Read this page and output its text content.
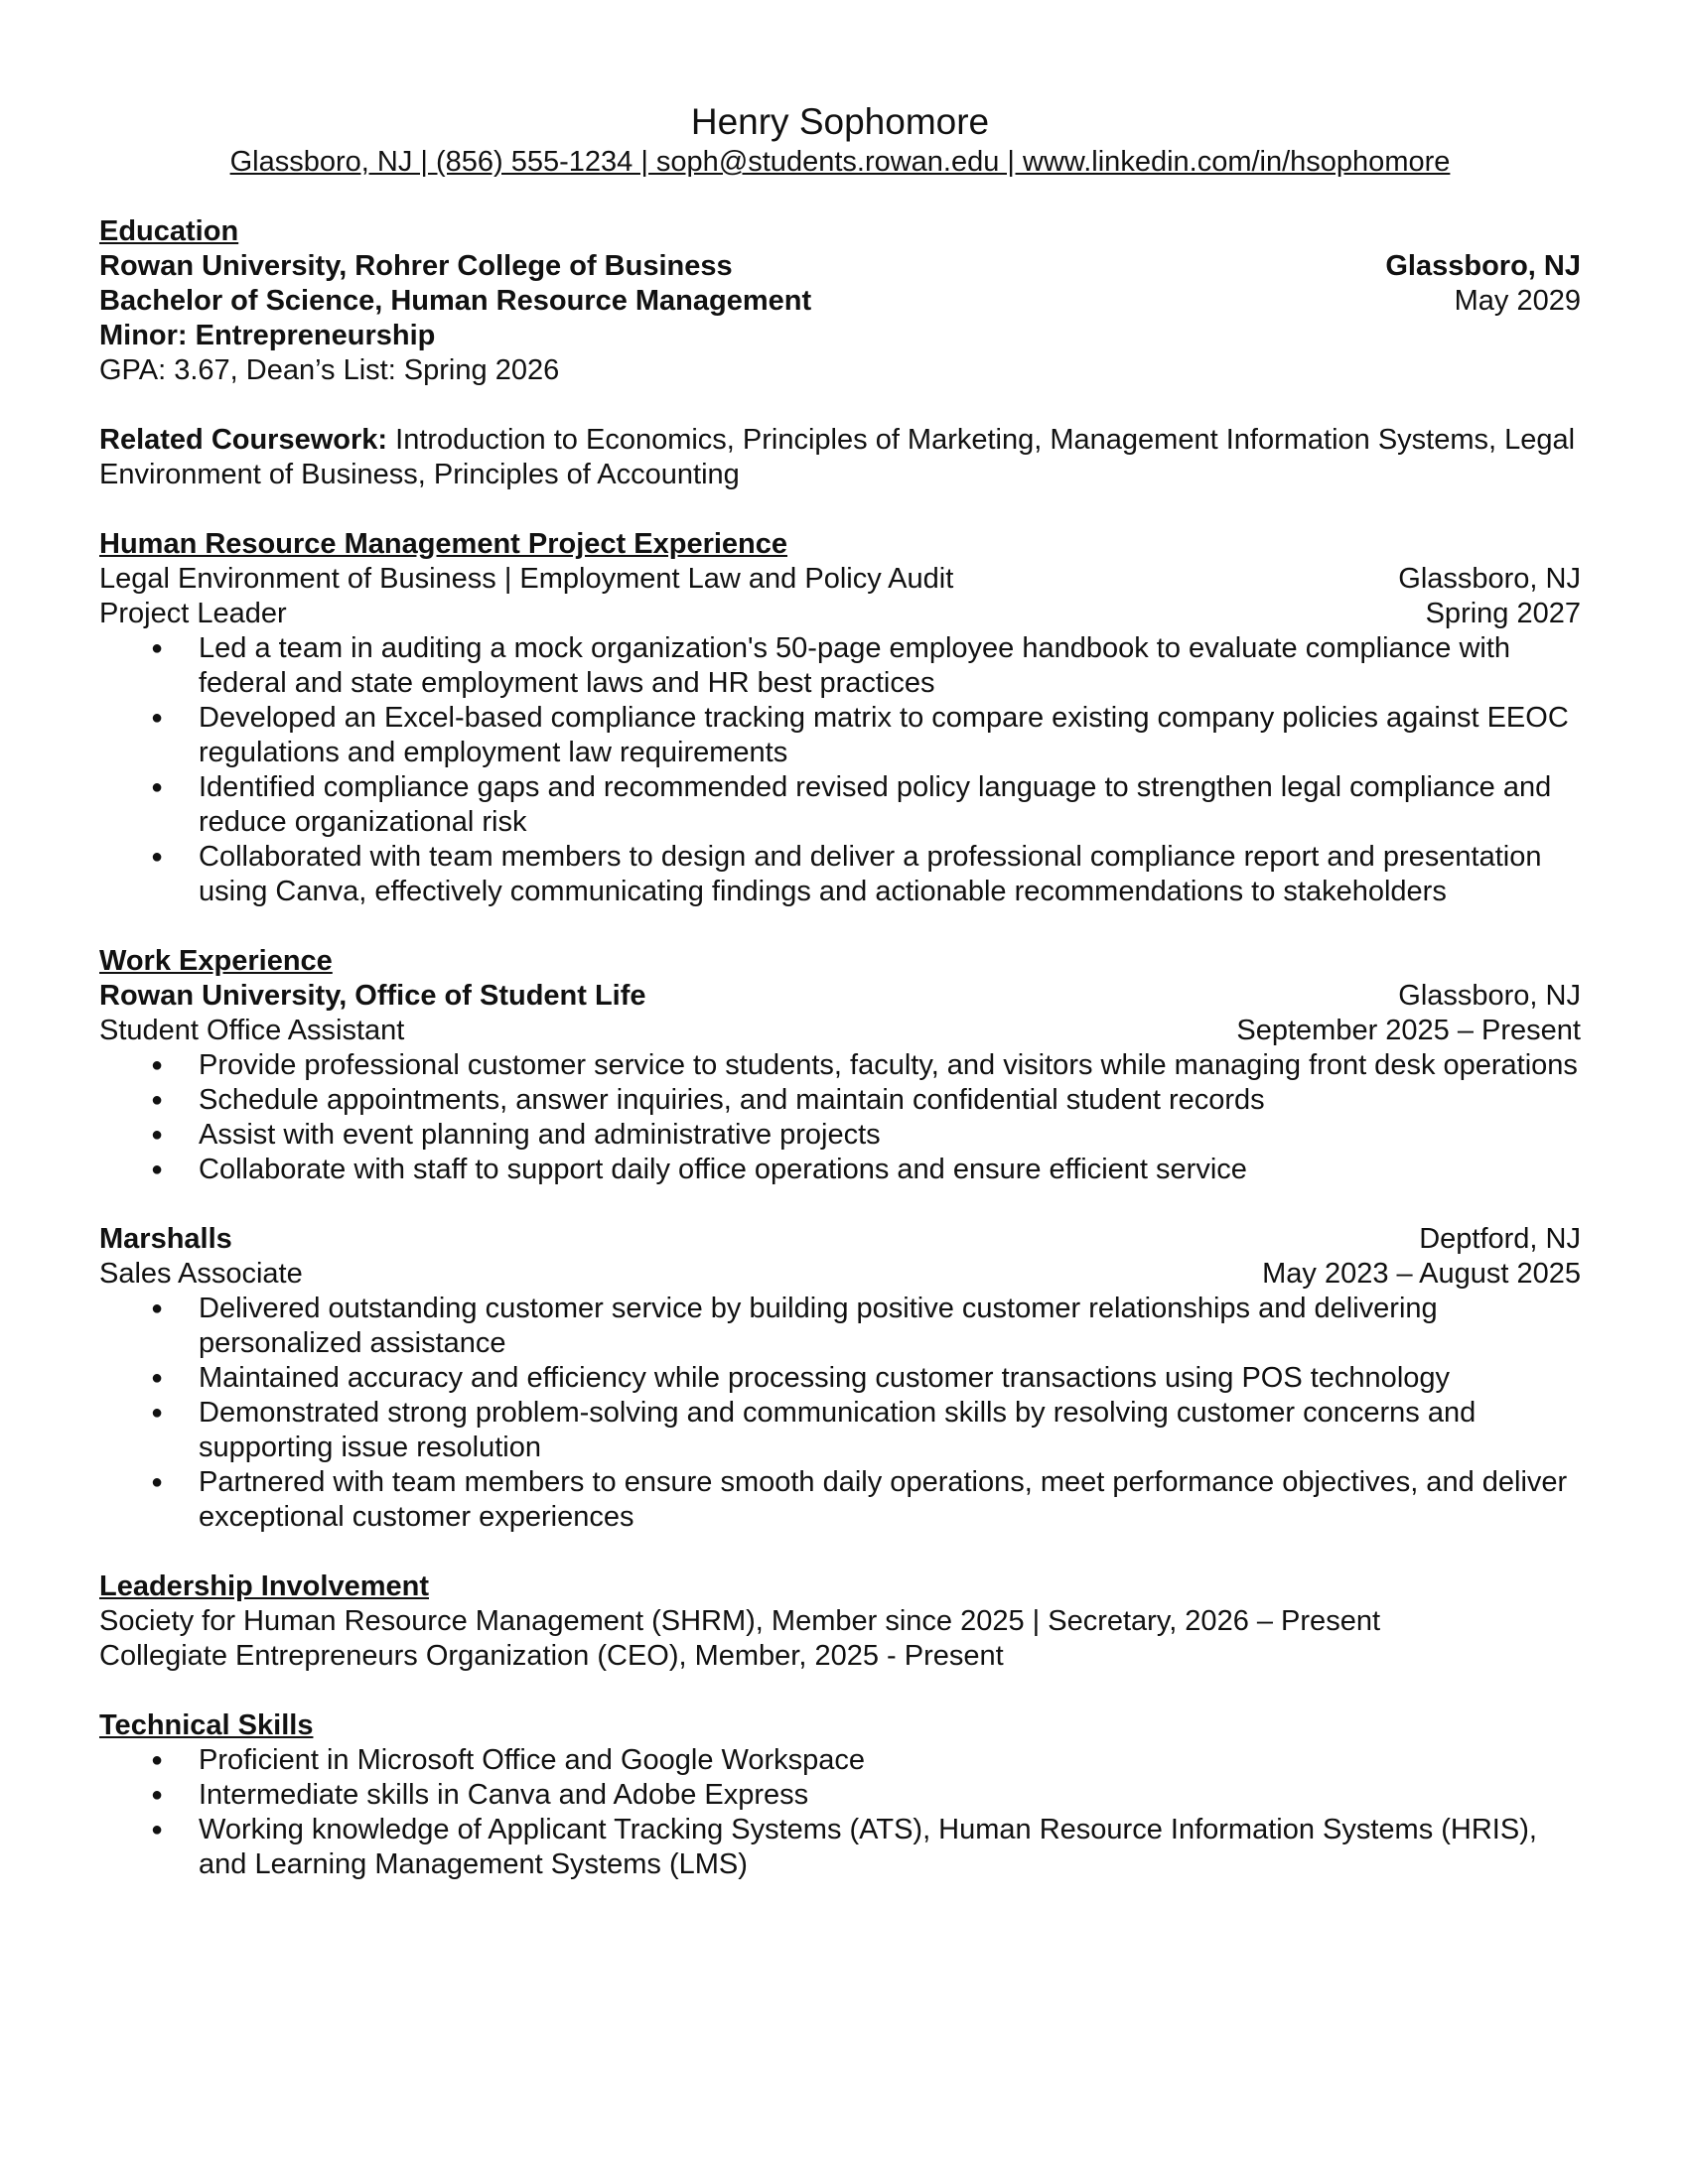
Henry Sophomore

Glassboro, NJ | (856) 555-1234 | soph@students.rowan.edu | www.linkedin.com/in/hsophomore

Education

Rowan University, Rohrer College of Business	Glassboro, NJ
Bachelor of Science, Human Resource Management	May 2029

Minor: Entrepreneurship

GPA: 3.67, Dean’s List: Spring 2026

Related Coursework: Introduction to Economics, Principles of Marketing, Management Information Systems, Legal Environment of Business, Principles of Accounting

Human Resource Management Project Experience

Legal Environment of Business | Employment Law and Policy Audit	Glassboro, NJ
Project Leader	Spring 2027
● Led a team in auditing a mock organization's 50-page employee handbook to evaluate compliance with federal and state employment laws and HR best practices
● Developed an Excel-based compliance tracking matrix to compare existing company policies against EEOC regulations and employment law requirements
● Identified compliance gaps and recommended revised policy language to strengthen legal compliance and reduce organizational risk
● Collaborated with team members to design and deliver a professional compliance report and presentation using Canva, effectively communicating findings and actionable recommendations to stakeholders

Work Experience

Rowan University, Office of Student Life	Glassboro, NJ
Student Office Assistant	September 2025 – Present
● Provide professional customer service to students, faculty, and visitors while managing front desk operations
● Schedule appointments, answer inquiries, and maintain confidential student records
● Assist with event planning and administrative projects
● Collaborate with staff to support daily office operations and ensure efficient service
Marshalls	Deptford, NJ
Sales Associate	May 2023 – August 2025
● Delivered outstanding customer service by building positive customer relationships and delivering personalized assistance
● Maintained accuracy and efficiency while processing customer transactions using POS technology
● Demonstrated strong problem-solving and communication skills by resolving customer concerns and supporting issue resolution
● Partnered with team members to ensure smooth daily operations, meet performance objectives, and deliver exceptional customer experiences

Leadership Involvement

Society for Human Resource Management (SHRM), Member since 2025 | Secretary, 2026 – Present

Collegiate Entrepreneurs Organization (CEO), Member, 2025 - Present

Technical Skills

● Proficient in Microsoft Office and Google Workspace
● Intermediate skills in Canva and Adobe Express
● Working knowledge of Applicant Tracking Systems (ATS), Human Resource Information Systems (HRIS), and Learning Management Systems (LMS)
